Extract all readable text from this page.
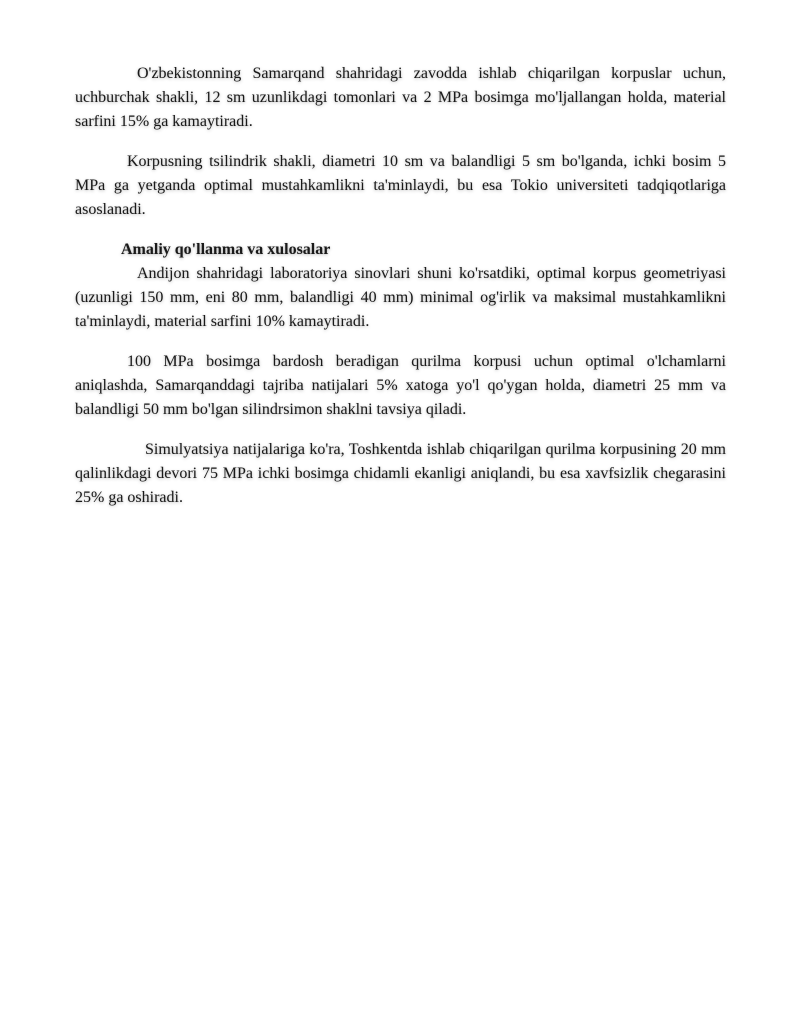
O'zbekistonning Samarqand shahridagi zavodda ishlab chiqarilgan korpuslar uchun, uchburchak shakli, 12 sm uzunlikdagi tomonlari va 2 MPa bosimga mo'ljallangan holda, material sarfini 15% ga kamaytiradi.

Korpusning tsilindrik shakli, diametri 10 sm va balandligi 5 sm bo'lganda, ichki bosim 5 MPa ga yetganda optimal mustahkamlikni ta'minlaydi, bu esa Tokio universiteti tadqiqotlariga asoslanadi.

Amaliy qo'llanma va xulosalar

Andijon shahridagi laboratoriya sinovlari shuni ko'rsatdiki, optimal korpus geometriyasi (uzunligi 150 mm, eni 80 mm, balandligi 40 mm) minimal og'irlik va maksimal mustahkamlikni ta'minlaydi, material sarfini 10% kamaytiradi.

100 MPa bosimga bardosh beradigan qurilma korpusi uchun optimal o'lchamlarni aniqlashda, Samarqanddagi tajriba natijalari 5% xatoga yo'l qo'ygan holda, diametri 25 mm va balandligi 50 mm bo'lgan silindrsimon shaklni tavsiya qiladi.

Simulyatsiya natijalariga ko'ra, Toshkentda ishlab chiqarilgan qurilma korpusining 20 mm qalinlikdagi devori 75 MPa ichki bosimga chidamli ekanligi aniqlandi, bu esa xavfsizlik chegarasini 25% ga oshiradi.
